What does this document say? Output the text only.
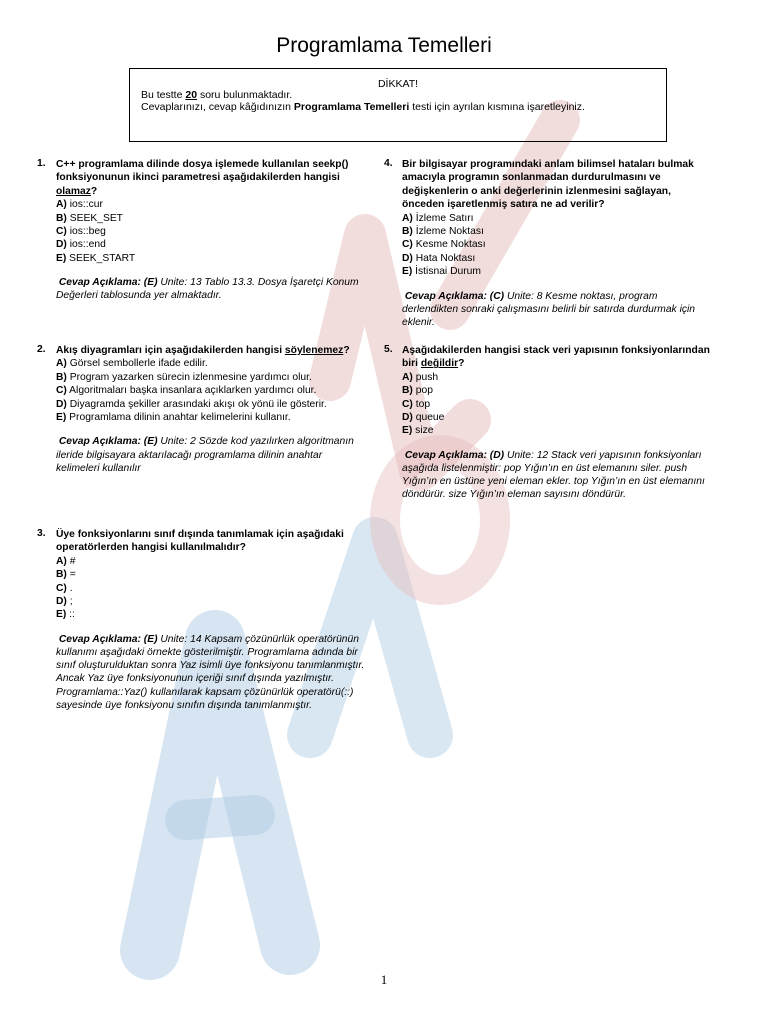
Programlama Temelleri
DİKKAT!
Bu testte 20 soru bulunmaktadır.
Cevaplarınızı, cevap kâğıdınızın Programlama Temelleri testi için ayrılan kısmına işaretleyiniz.
1. C++ programlama dilinde dosya işlemede kullanılan seekp() fonksiyonunun ikinci parametresi aşağıdakilerden hangisi olamaz?
A) ios::cur
B) SEEK_SET
C) ios::beg
D) ios::end
E) SEEK_START
Cevap Açıklama: (E) Unite: 13 Tablo 13.3. Dosya İşaretçi Konum Değerleri tablosunda yer almaktadır.
2. Akış diyagramları için aşağıdakilerden hangisi söylenemez?
A) Görsel sembollerle ifade edilir.
B) Program yazarken sürecin izlenmesine yardımcı olur.
C) Algoritmaları başka insanlara açıklarken yardımcı olur.
D) Diyagramda şekiller arasındaki akışı ok yönü ile gösterir.
E) Programlama dilinin anahtar kelimelerini kullanır.
Cevap Açıklama: (E) Unite: 2 Sözde kod yazılırken algoritmanın ileride bilgisayara aktarılacağı programlama dilinin anahtar kelimeleri kullanılır
3. Üye fonksiyonlarını sınıf dışında tanımlamak için aşağıdaki operatörlerden hangisi kullanılmalıdır?
A) #
B) =
C) .
D) ;
E) ::
Cevap Açıklama: (E) Unite: 14 Kapsam çözünürlük operatörünün kullanımı aşağıdaki örnekte gösterilmiştir. Programlama adında bir sınıf oluşturulduktan sonra Yaz isimli üye fonksiyonu tanımlanmıştır. Ancak Yaz üye fonksiyonunun içeriği sınıf dışında yazılmıştır. Programlama::Yaz() kullanılarak kapsam çözünürlük operatörü(::) sayesinde üye fonksiyonu sınıfın dışında tanımlanmıştır.
4. Bir bilgisayar programındaki anlam bilimsel hataları bulmak amacıyla programın sonlanmadan durdurulmasını ve değişkenlerin o anki değerlerinin izlenmesini sağlayan, önceden işaretlenmiş satıra ne ad verilir?
A) İzleme Satırı
B) İzleme Noktası
C) Kesme Noktası
D) Hata Noktası
E) İstisnai Durum
Cevap Açıklama: (C) Unite: 8 Kesme noktası, program derlendikten sonraki çalışmasını belirli bir satırda durdurmak için eklenir.
5. Aşağıdakilerden hangisi stack veri yapısının fonksiyonlarından biri değildir?
A) push
B) pop
C) top
D) queue
E) size
Cevap Açıklama: (D) Unite: 12 Stack veri yapısının fonksiyonları aşağıda listelenmiştir: pop Yığın’ın en üst elemanını siler. push Yığın’ın en üstüne yeni eleman ekler. top Yığın’ın en üst elemanını döndürür. size Yığın’ın eleman sayısını döndürür.
1
